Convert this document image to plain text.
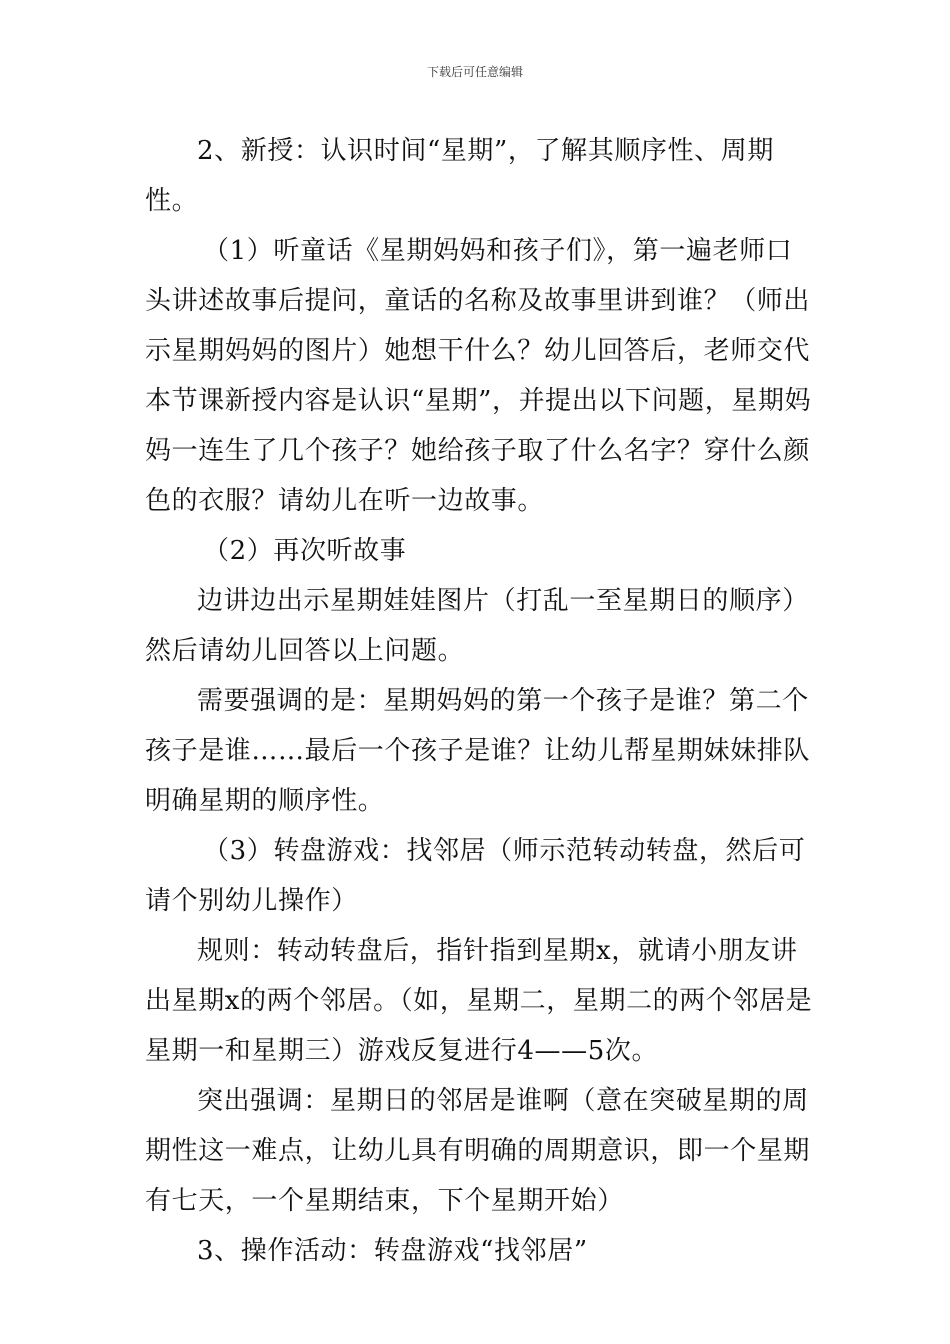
下载后可任意编辑

2、新授：认识时间“星期”，了解其顺序性、周期性。

（1）听童话《星期妈妈和孩子们》，第一遍老师口头讲述故事后提问，童话的名称及故事里讲到谁？（师出示星期妈妈的图片）她想干什么？幼儿回答后，老师交代本节课新授内容是认识“星期”，并提出以下问题，星期妈妈一连生了几个孩子？她给孩子取了什么名字？穿什么颜色的衣服？请幼儿在听一边故事。

（2）再次听故事

边讲边出示星期娃娃图片（打乱一至星期日的顺序）然后请幼儿回答以上问题。

需要强调的是：星期妈妈的第一个孩子是谁？第二个孩子是谁……最后一个孩子是谁？让幼儿帮星期妹妹排队明确星期的顺序性。

（3）转盘游戏：找邻居（师示范转动转盘，然后可请个别幼儿操作）

规则：转动转盘后，指针指到星期x，就请小朋友讲出星期x的两个邻居。（如，星期二，星期二的两个邻居是星期一和星期三）游戏反复进行4——5次。

突出强调：星期日的邻居是谁啊（意在突破星期的周期性这一难点，让幼儿具有明确的周期意识，即一个星期有七天，一个星期结束，下个星期开始）

3、操作活动：转盘游戏“找邻居”
